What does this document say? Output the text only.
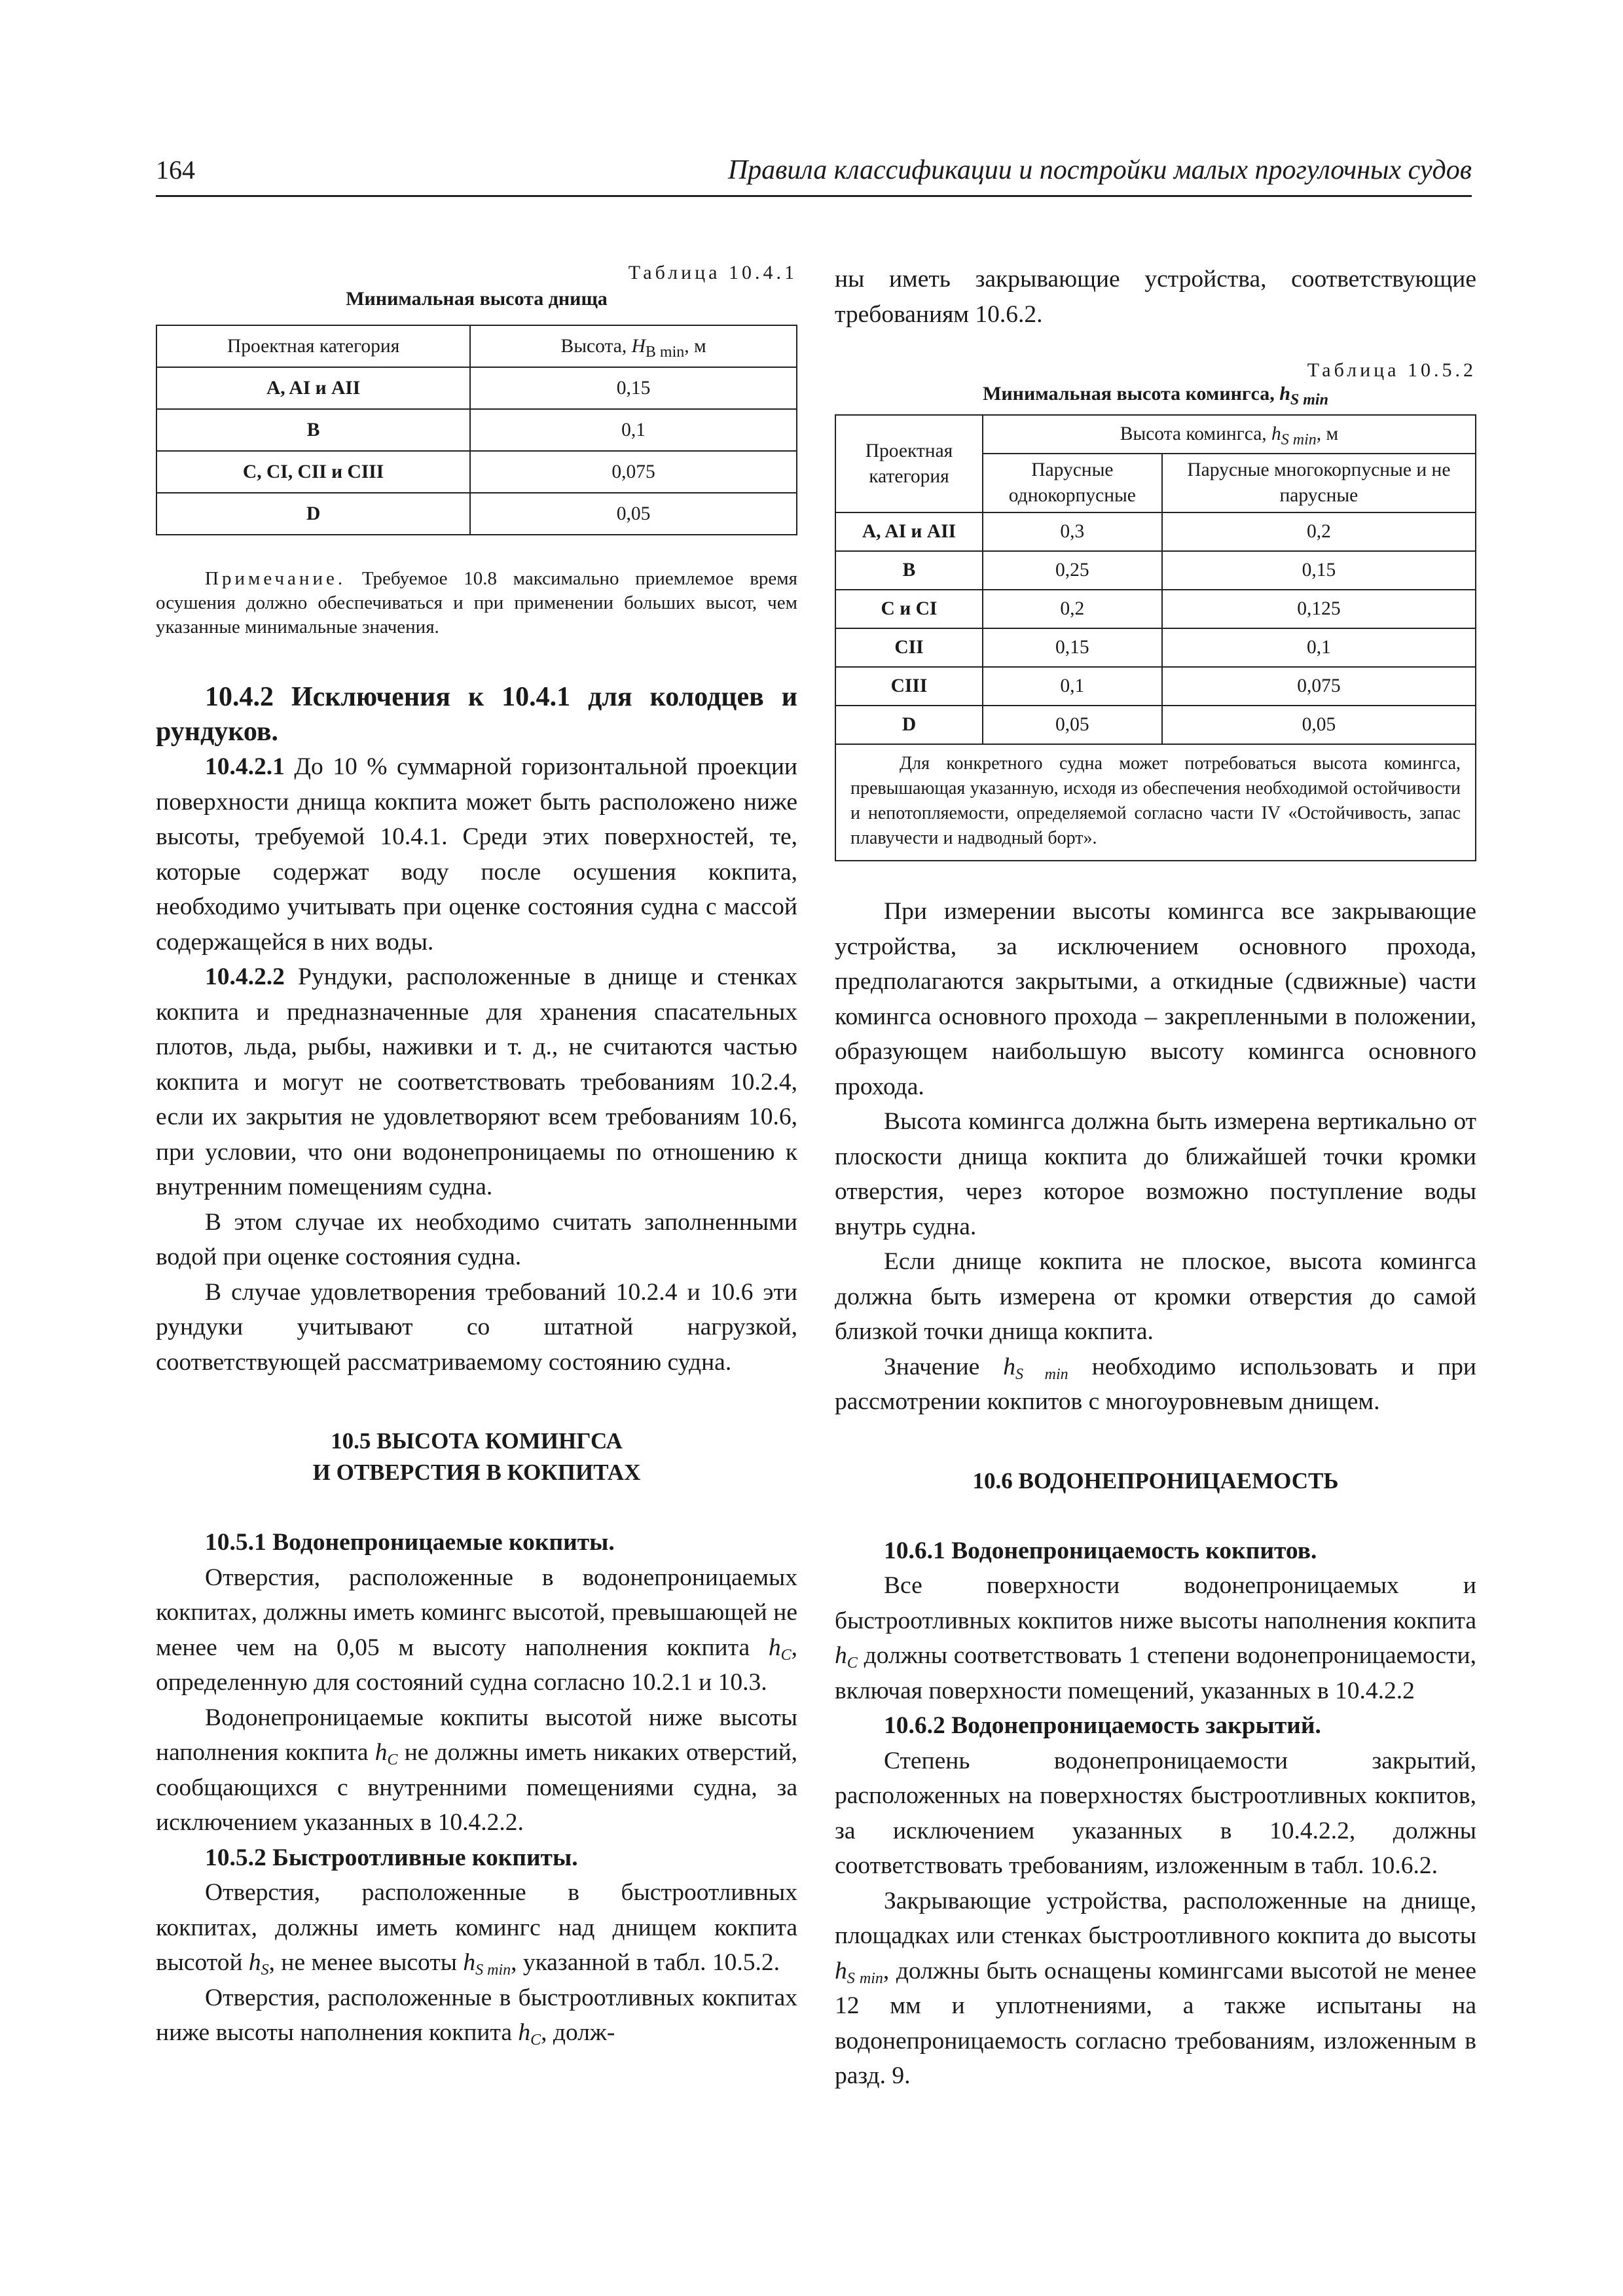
164	Правила классификации и постройки малых прогулочных судов
Таблица 10.4.1
Минимальная высота днища
Проектная категория	Высота, $H_{B min}$, м
A, AI и AII	0,15
B	0,1
C, CI, CII и CIII	0,075
D	0,05
Примечание. Требуемое 10.8 максимально приемлемое время осушения должно обеспечиваться и при применении больших высот, чем указанные минимальные значения.
10.4.2 Исключения к 10.4.1 для колодцев и рундуков.

10.4.2.1 До 10 % суммарной горизонтальной проекции поверхности днища кокпита может быть расположено ниже высоты, требуемой 10.4.1. Среди этих поверхностей, те, которые содержат воду после осушения кокпита, необходимо учитывать при оценке состояния судна с массой содержащейся в них воды.

10.4.2.2 Рундуки, расположенные в днище и стенках кокпита и предназначенные для хранения спасательных плотов, льда, рыбы, наживки и т. д., не считаются частью кокпита и могут не соответствовать требованиям 10.2.4, если их закрытия не удовлетворяют всем требованиям 10.6, при условии, что они водонепроницаемы по отношению к внутренним помещениям судна.

В этом случае их необходимо считать заполненными водой при оценке состояния судна.

В случае удовлетворения требований 10.2.4 и 10.6 эти рундуки учитывают со штатной нагрузкой, соответствующей рассматриваемому состоянию судна.

10.5 ВЫСОТА КОМИНГСА
И ОТВЕРСТИЯ В КОКПИТАХ

10.5.1 Водонепроницаемые кокпиты.

Отверстия, расположенные в водонепроницаемых кокпитах, должны иметь комингс высотой, превышающей не менее чем на 0,05 м высоту наполнения кокпита $h_C$, определенную для состояний судна согласно 10.2.1 и 10.3.

Водонепроницаемые кокпиты высотой ниже высоты наполнения кокпита $h_C$ не должны иметь никаких отверстий, сообщающихся с внутренними помещениями судна, за исключением указанных в 10.4.2.2.

10.5.2 Быстроотливные кокпиты.

Отверстия, расположенные в быстроотливных кокпитах, должны иметь комингс над днищем кокпита высотой $h_S$, не менее высоты $h_{S min}$, указанной в табл. 10.5.2.

Отверстия, расположенные в быстроотливных кокпитах ниже высоты наполнения кокпита $h_C$, долж-

ны иметь закрывающие устройства, соответствующие требованиям 10.6.2.

Таблица 10.5.2
Минимальная высота комингса, $h_{S min}$
Проектная категория	Высота комингса, $h_{S min}$, м	
	Парусные однокорпусные	Парусные многокорпусные и не парусные
A, AI и AII	0,3	0,2
B	0,25	0,15
C и CI	0,2	0,125
CII	0,15	0,1
CIII	0,1	0,075
D	0,05	0,05
Для конкретного судна может потребоваться высота комингса, превышающая указанную, исходя из обеспечения необходимой остойчивости и непотопляемости, определяемой согласно части IV «Остойчивость, запас плавучести и надводный борт».		

При измерении высоты комингса все закрывающие устройства, за исключением основного прохода, предполагаются закрытыми, а откидные (сдвижные) части комингса основного прохода – закрепленными в положении, образующем наибольшую высоту комингса основного прохода.

Высота комингса должна быть измерена вертикально от плоскости днища кокпита до ближайшей точки кромки отверстия, через которое возможно поступление воды внутрь судна.

Если днище кокпита не плоское, высота комингса должна быть измерена от кромки отверстия до самой близкой точки днища кокпита.

Значение $h_{S min}$ необходимо использовать и при рассмотрении кокпитов с многоуровневым днищем.

10.6 ВОДОНЕПРОНИЦАЕМОСТЬ

10.6.1 Водонепроницаемость кокпитов.

Все поверхности водонепроницаемых и быстроотливных кокпитов ниже высоты наполнения кокпита $h_C$ должны соответствовать 1 степени водонепроницаемости, включая поверхности помещений, указанных в 10.4.2.2

10.6.2 Водонепроницаемость закрытий.

Степень водонепроницаемости закрытий, расположенных на поверхностях быстроотливных кокпитов, за исключением указанных в 10.4.2.2, должны соответствовать требованиям, изложенным в табл. 10.6.2.

Закрывающие устройства, расположенные на днище, площадках или стенках быстроотливного кокпита до высоты $h_{S min}$, должны быть оснащены комингсами высотой не менее 12 мм и уплотнениями, а также испытаны на водонепроницаемость согласно требованиям, изложенным в разд. 9.
